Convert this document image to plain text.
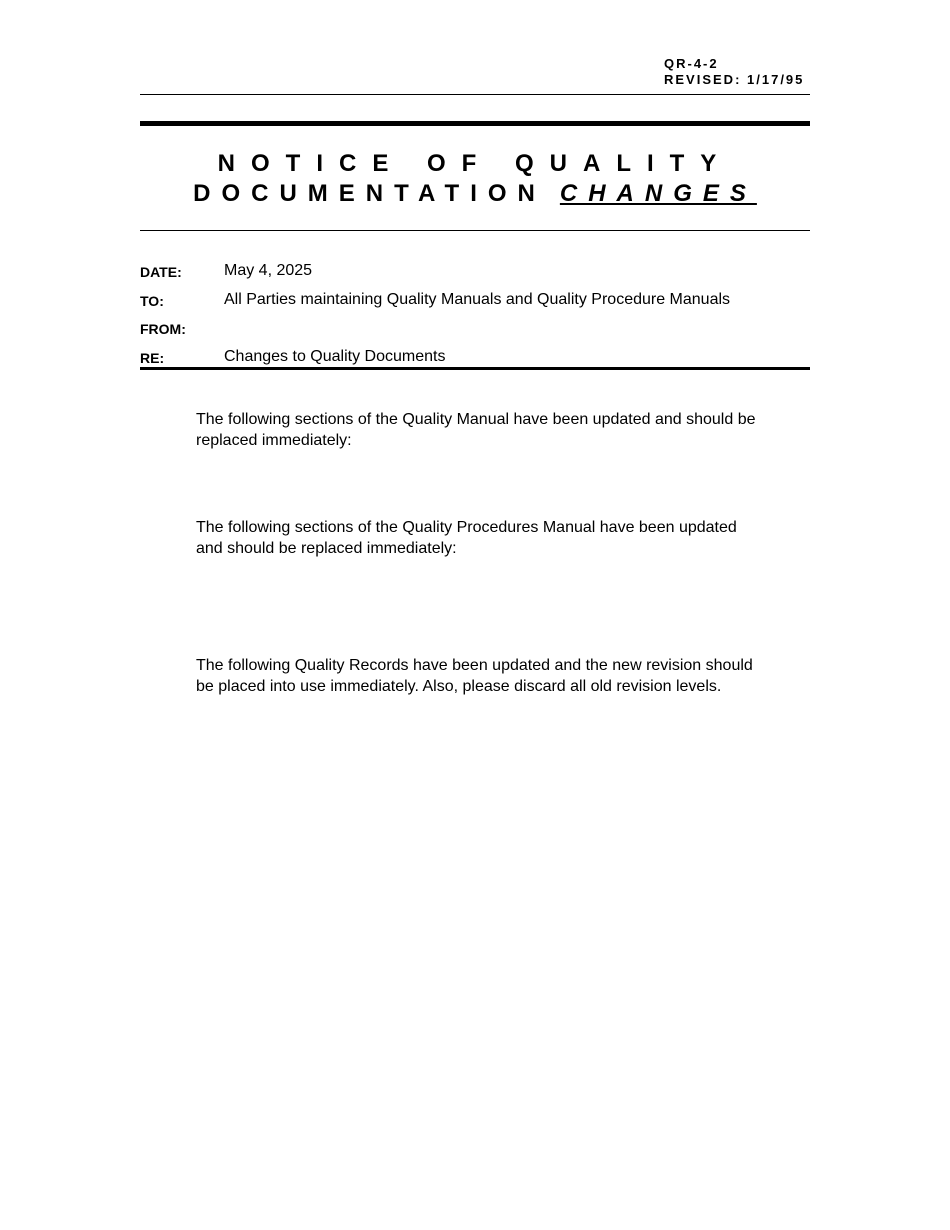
QR-4-2
REVISED: 1/17/95
NOTICE OF QUALITY
DOCUMENTATION CHANGES
DATE:	May 4, 2025
TO:	All Parties maintaining Quality Manuals and Quality Procedure Manuals
FROM:
RE:	Changes to Quality Documents
The following sections of the Quality Manual have been updated and should be
replaced immediately:
The following sections of the Quality Procedures Manual have been updated
and should be replaced immediately:
The following Quality Records have been updated and the new revision should
be placed into use immediately. Also, please discard all old revision levels.
